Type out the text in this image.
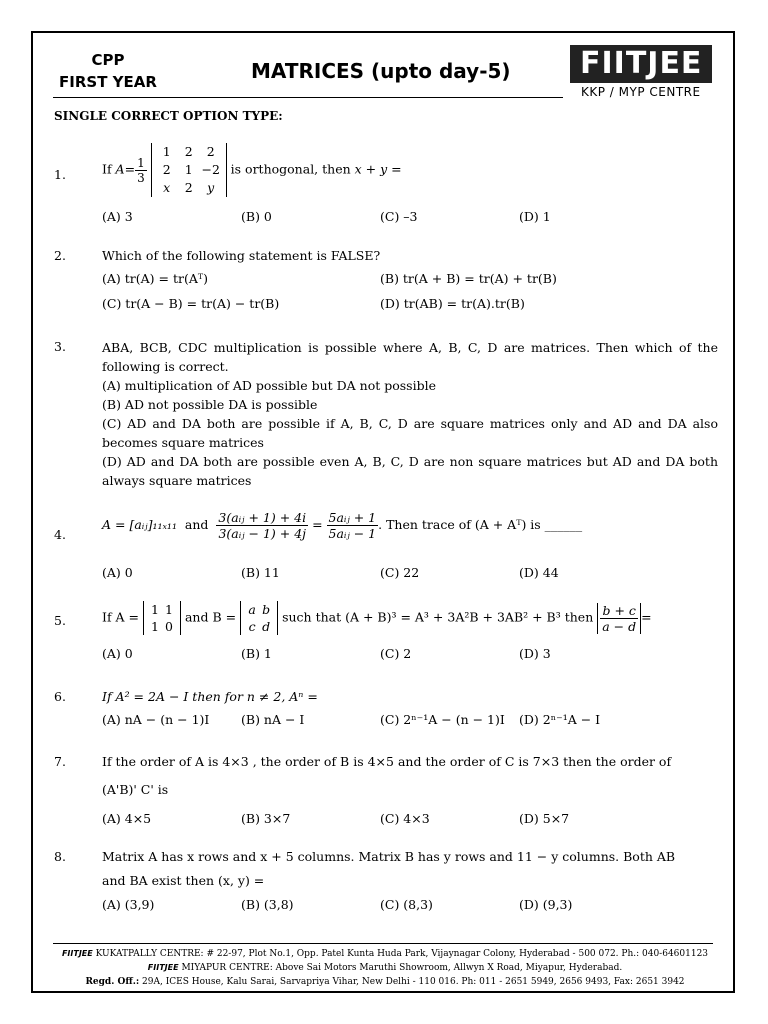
CPP
FIRST YEAR	MATRICES (upto day-5)	FIITJEE
KKP / MYP CENTRE
SINGLE CORRECT OPTION TYPE:
1.	If $A= \frac{1}{3}$

1	2	2
2	1 −2
x	2	y
is orthogonal, then x + y =
(A) 3	(B) 0	(C) –3	(D) 1
2.	Which of the following statement is FALSE?
(A) tr(A) = tr(Aᵀ)	(B) tr(A + B) = tr(A) + tr(B)
(C) tr(A − B) = tr(A) − tr(B)	(D) tr(AB) = tr(A).tr(B)
3.	ABA, BCB, CDC multiplication is possible where A, B, C, D are matrices. Then which of the following is correct.
(A) multiplication of AD possible but DA not possible
(B) AD not possible DA is possible
(C) AD and DA both are possible if A, B, C, D are square matrices only and AD and DA also becomes square matrices
(D) AD and DA both are possible even A, B, C, D are non square matrices but AD and DA both always square matrices
4.
A = [aᵢⱼ]₁₁ₓ₁₁ and $\frac{\text{3(aᵢⱼ + 1) + 4i}}{\text{3(aᵢⱼ − 1) + 4j}} = \frac{\text{5aᵢⱼ + 1}}{\text{5aᵢⱼ − 1}}$ . Then trace of (A + Aᵀ) is ______
(A) 0	(B) 11	(C) 22	(D) 44
5.	If A = 1 1
1 0
and B = a b
c d
such that (A + B)³ = A³ + 3A²B + 3AB² + B³ then $\frac{b + c}{a - d}$ =
(A) 0	(B) 1	(C) 2	(D) 3
6.	If A² = 2A − I then for n ≠ 2, Aⁿ =
(A) nA − (n − 1)I	(B) nA − I	(C) 2ⁿ⁻¹A − (n − 1)I (D) 2ⁿ⁻¹A − I
7.	If the order of A is 4×3 , the order of B is 4×5 and the order of C is 7×3 then the order of
(A'B)' C' is
(A) 4×5	(B) 3×7	(C) 4×3	(D) 5×7
8.	Matrix A has x rows and x + 5 columns. Matrix B has y rows and 11 − y columns. Both AB
and BA exist then (x, y) =
(A) (3,9)	(B) (3,8)	(C) (8,3)	(D) (9,3)
FIITJEE KUKATPALLY CENTRE: # 22-97, Plot No.1, Opp. Patel Kunta Huda Park, Vijaynagar Colony, Hyderabad - 500 072. Ph.: 040-64601123
FIITJEE MIYAPUR CENTRE: Above Sai Motors Maruthi Showroom, Allwyn X Road, Miyapur, Hyderabad.
Regd. Off.: 29A, ICES House, Kalu Sarai, Sarvapriya Vihar, New Delhi - 110 016. Ph: 011 - 2651 5949, 2656 9493, Fax: 2651 3942
